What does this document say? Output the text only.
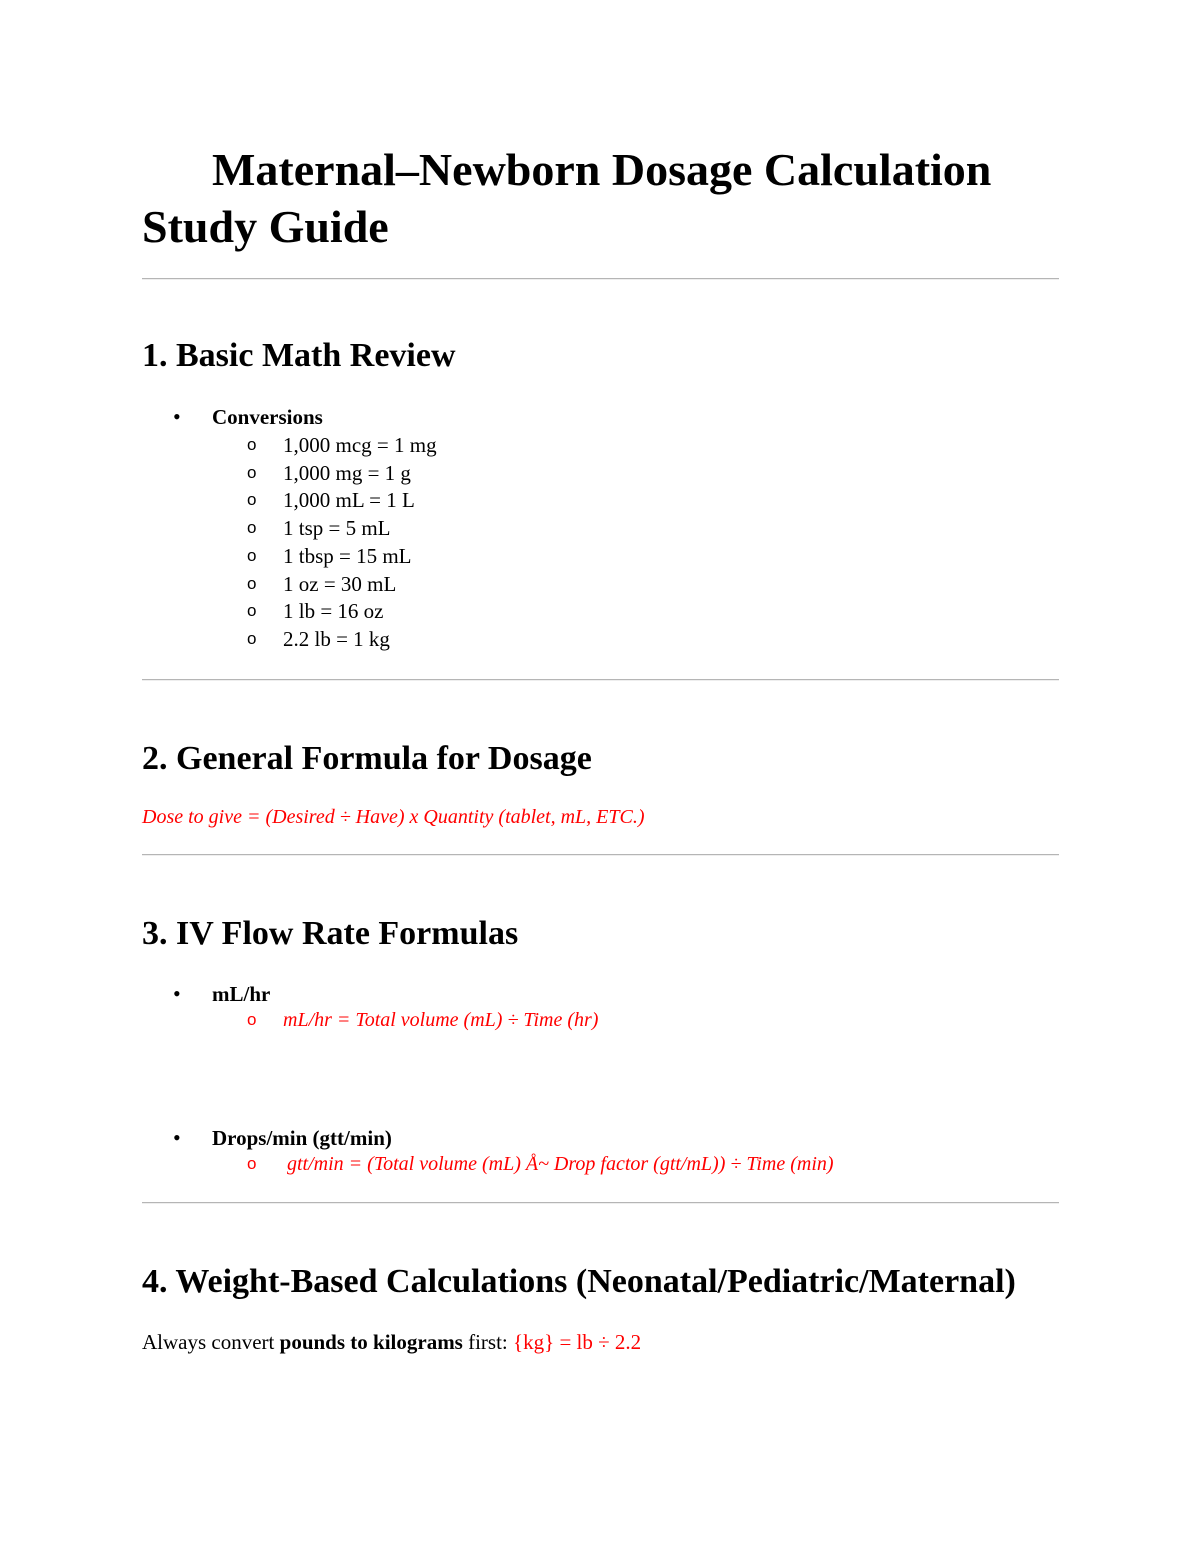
Maternal–Newborn Dosage Calculation Study Guide
1. Basic Math Review
• Conversions
o 1,000 mcg = 1 mg
o 1,000 mg = 1 g
o 1,000 mL = 1 L
o 1 tsp = 5 mL
o 1 tbsp = 15 mL
o 1 oz = 30 mL
o 1 lb = 16 oz
o 2.2 lb = 1 kg
2. General Formula for Dosage
Dose to give = (Desired ÷ Have) x Quantity (tablet, mL, ETC.)
3. IV Flow Rate Formulas
• mL/hr
o mL/hr = Total volume (mL) ÷ Time (hr)
• Drops/min (gtt/min)
o gtt/min = (Total volume (mL) Å~ Drop factor (gtt/mL)) ÷ Time (min)
4. Weight-Based Calculations (Neonatal/Pediatric/Maternal)
Always convert pounds to kilograms first: {kg} = lb ÷ 2.2
